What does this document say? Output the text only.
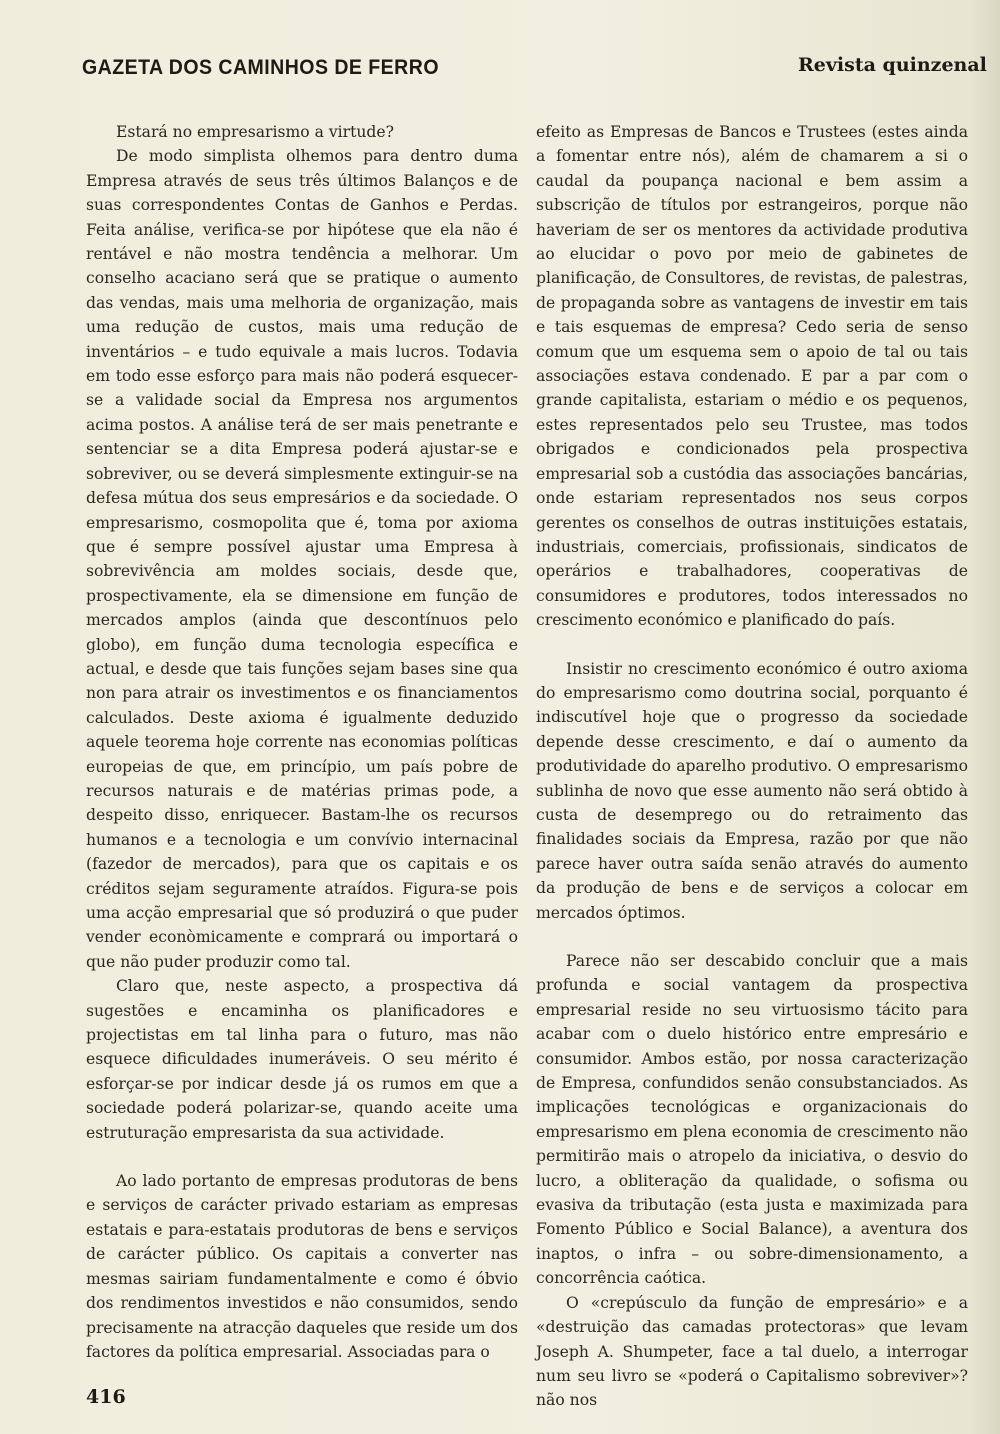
GAZETA DOS CAMINHOS DE FERRO	Revista quinzenal

Estará no empresarismo a virtude?

De modo simplista olhemos para dentro duma Empresa através de seus três últimos Balanços e de suas correspondentes Contas de Ganhos e Perdas. Feita análise, verifica-se por hipótese que ela não é rentável e não mostra tendência a melhorar. Um conselho acaciano será que se pratique o aumento das vendas, mais uma melhoria de organização, mais uma redução de custos, mais uma redução de inventários – e tudo equivale a mais lucros. Todavia em todo esse esforço para mais não poderá esquecer-se a validade social da Empresa nos argumentos acima postos. A análise terá de ser mais penetrante e sentenciar se a dita Empresa poderá ajustar-se e sobreviver, ou se deverá simplesmente extinguir-se na defesa mútua dos seus empresários e da sociedade. O empresarismo, cosmopolita que é, toma por axioma que é sempre possível ajustar uma Empresa à sobrevivência am moldes sociais, desde que, prospectivamente, ela se dimensione em função de mercados amplos (ainda que descontínuos pelo globo), em função duma tecnologia específica e actual, e desde que tais funções sejam bases sine qua non para atrair os investimentos e os financiamentos calculados. Deste axioma é igualmente deduzido aquele teorema hoje corrente nas economias políticas europeias de que, em princípio, um país pobre de recursos naturais e de matérias primas pode, a despeito disso, enriquecer. Bastam-lhe os recursos humanos e a tecnologia e um convívio internacinal (fazedor de mercados), para que os capitais e os créditos sejam seguramente atraídos. Figura-se pois uma acção empresarial que só produzirá o que puder vender econòmicamente e comprará ou importará o que não puder produzir como tal.

Claro que, neste aspecto, a prospectiva dá sugestões e encaminha os planificadores e projectistas em tal linha para o futuro, mas não esquece dificuldades inumeráveis. O seu mérito é esforçar-se por indicar desde já os rumos em que a sociedade poderá polarizar-se, quando aceite uma estruturação empresarista da sua actividade.

Ao lado portanto de empresas produtoras de bens e serviços de carácter privado estariam as empresas estatais e para-estatais produtoras de bens e serviços de carácter público. Os capitais a converter nas mesmas sairiam fundamentalmente e como é óbvio dos rendimentos investidos e não consumidos, sendo precisamente na atracção daqueles que reside um dos factores da política empresarial. Associadas para o

efeito as Empresas de Bancos e Trustees (estes ainda a fomentar entre nós), além de chamarem a si o caudal da poupança nacional e bem assim a subscrição de títulos por estrangeiros, porque não haveriam de ser os mentores da actividade produtiva ao elucidar o povo por meio de gabinetes de planificação, de Consultores, de revistas, de palestras, de propaganda sobre as vantagens de investir em tais e tais esquemas de empresa? Cedo seria de senso comum que um esquema sem o apoio de tal ou tais associações estava condenado. E par a par com o grande capitalista, estariam o médio e os pequenos, estes representados pelo seu Trustee, mas todos obrigados e condicionados pela prospectiva empresarial sob a custódia das associações bancárias, onde estariam representados nos seus corpos gerentes os conselhos de outras instituições estatais, industriais, comerciais, profissionais, sindicatos de operários e trabalhadores, cooperativas de consumidores e produtores, todos interessados no crescimento económico e planificado do país.

Insistir no crescimento económico é outro axioma do empresarismo como doutrina social, porquanto é indiscutível hoje que o progresso da sociedade depende desse crescimento, e daí o aumento da produtividade do aparelho produtivo. O empresarismo sublinha de novo que esse aumento não será obtido à custa de desemprego ou do retraimento das finalidades sociais da Empresa, razão por que não parece haver outra saída senão através do aumento da produção de bens e de serviços a colocar em mercados óptimos.

Parece não ser descabido concluir que a mais profunda e social vantagem da prospectiva empresarial reside no seu virtuosismo tácito para acabar com o duelo histórico entre empresário e consumidor. Ambos estão, por nossa caracterização de Empresa, confundidos senão consubstanciados. As implicações tecnológicas e organizacionais do empresarismo em plena economia de crescimento não permitirão mais o atropelo da iniciativa, o desvio do lucro, a obliteração da qualidade, o sofisma ou evasiva da tributação (esta justa e maximizada para Fomento Público e Social Balance), a aventura dos inaptos, o infra – ou sobre-dimensionamento, a concorrência caótica.

O «crepúsculo da função de empresário» e a «destruição das camadas protectoras» que levam Joseph A. Shumpeter, face a tal duelo, a interrogar num seu livro se «poderá o Capitalismo sobreviver»? não nos

416
